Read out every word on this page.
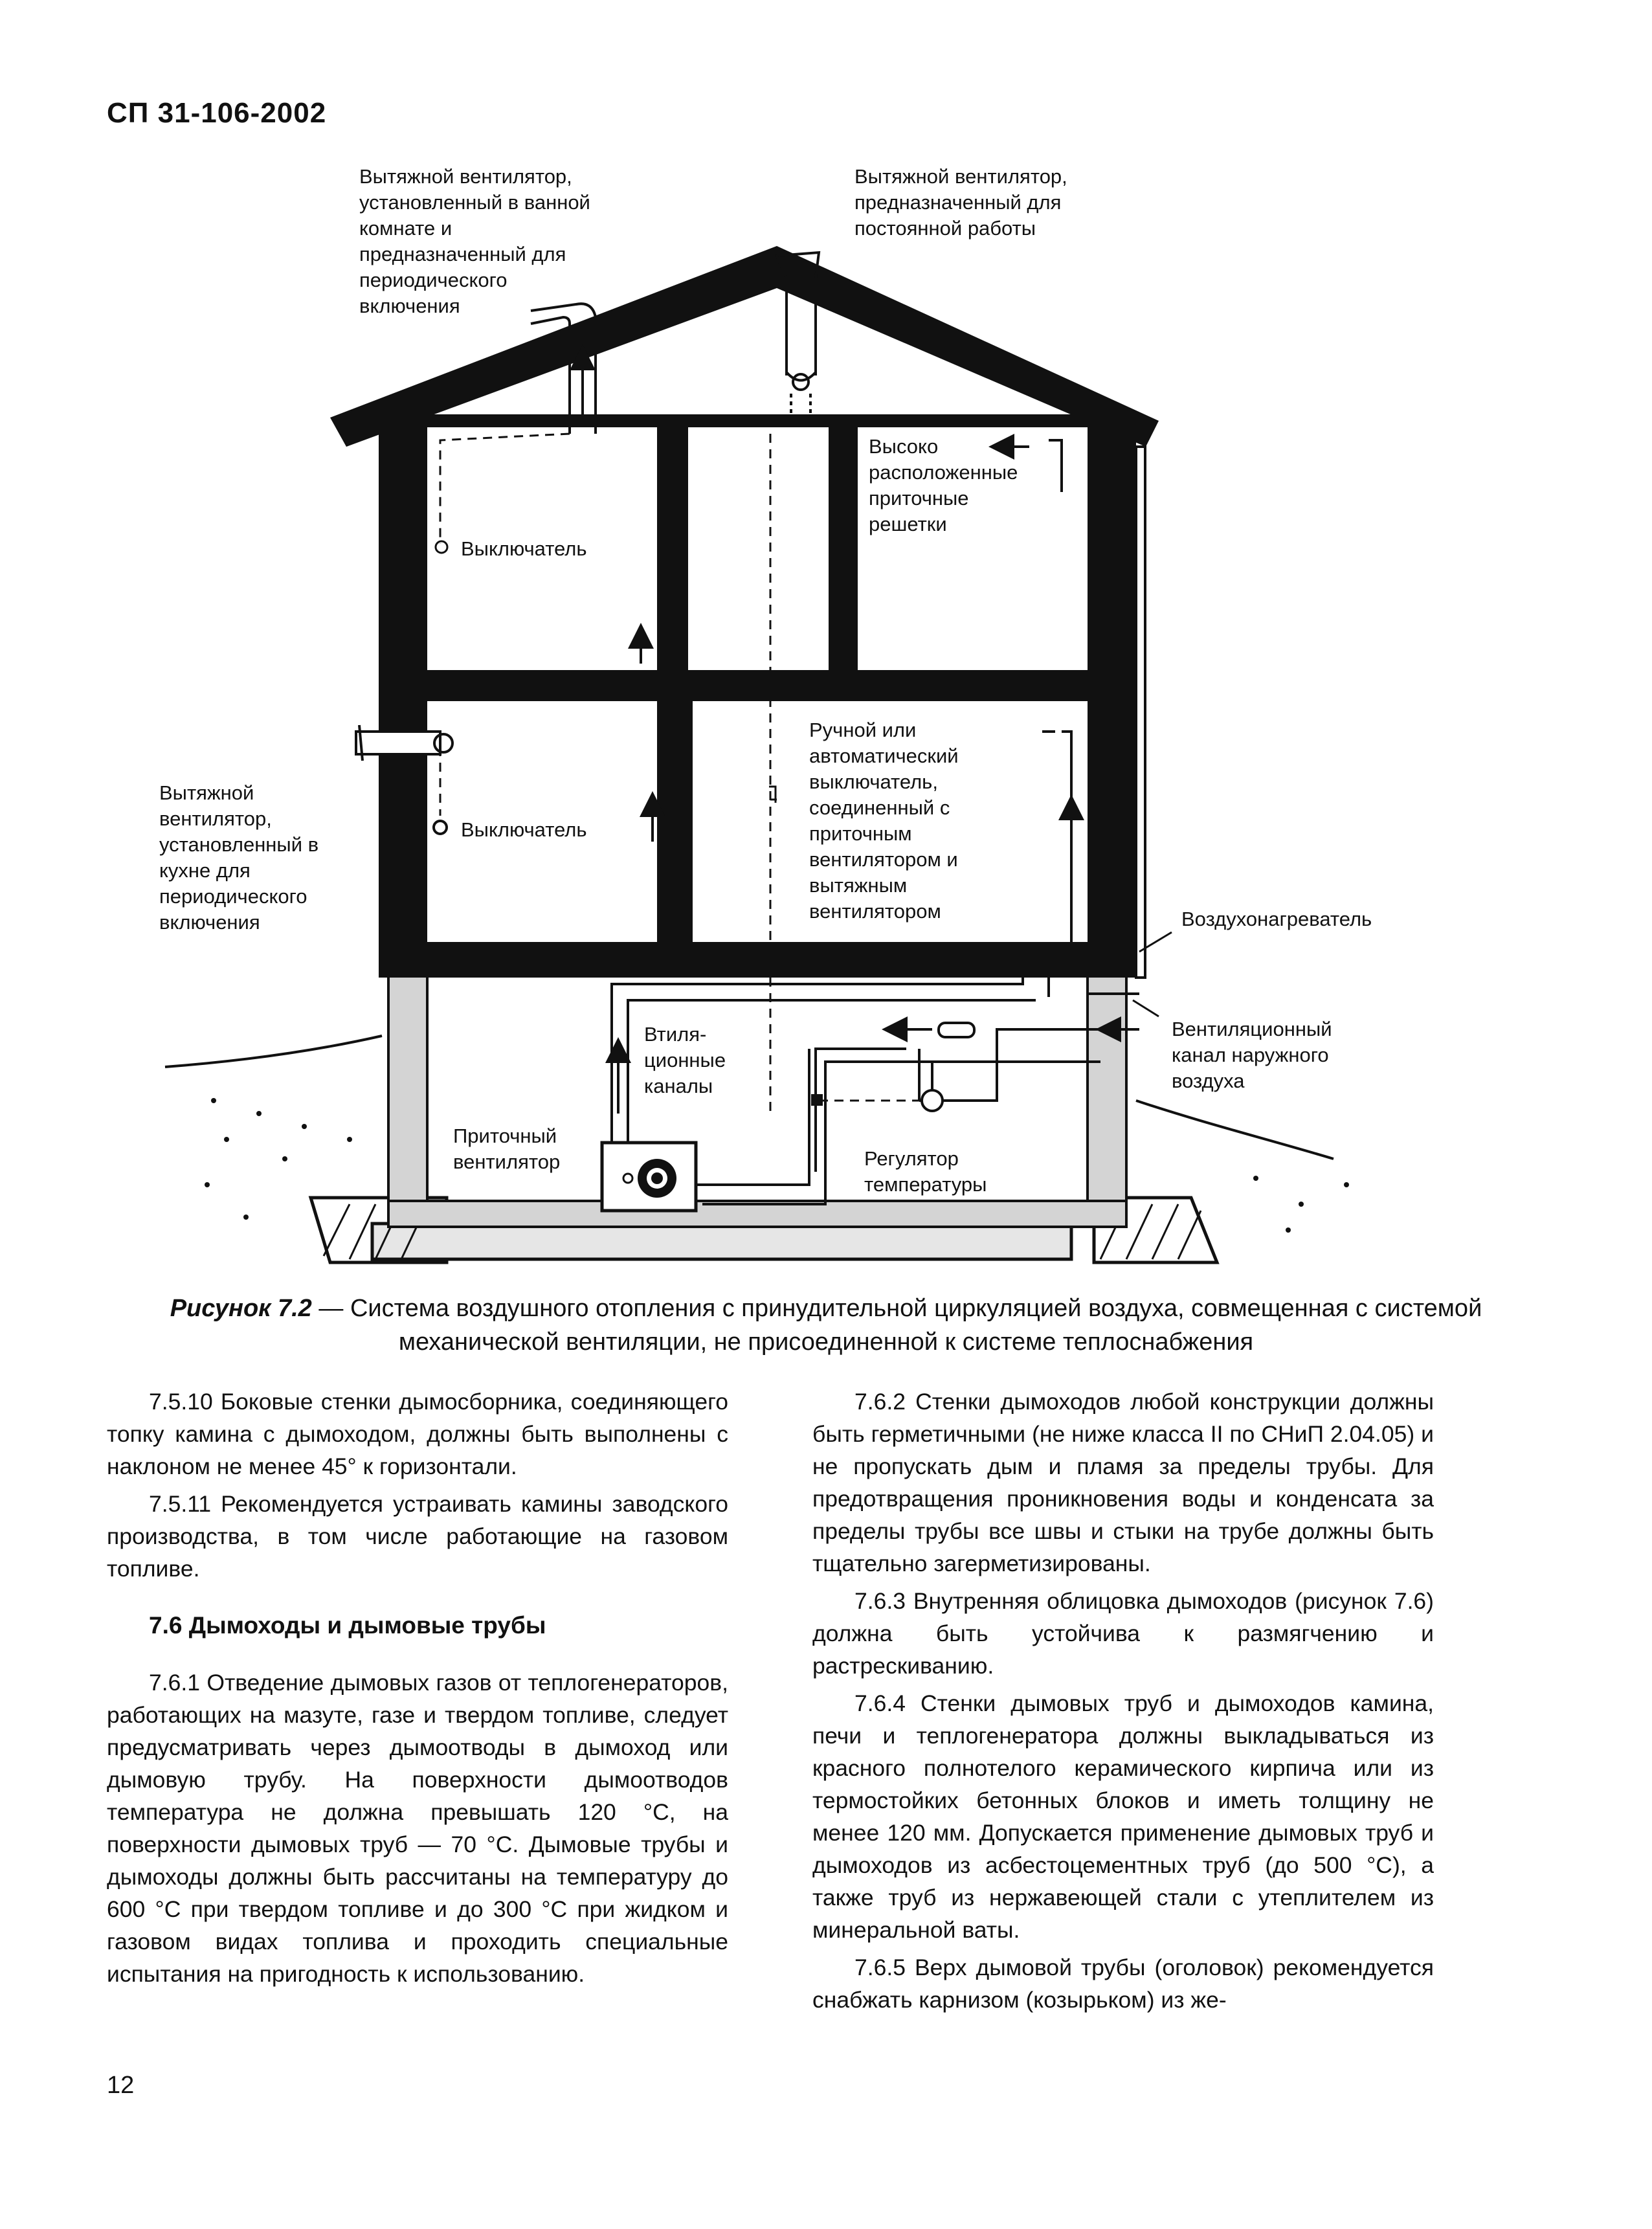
СП 31-106-2002
Вытяжной вентилятор,
установленный в ванной
комнате и
предназначенный для
периодического
включения
Вытяжной вентилятор,
предназначенный для
постоянной работы
Высоко
расположенные
приточные
решетки
Выключатель
Выключатель
Вытяжной
вентилятор,
установленный в
кухне для
периодического
включения
Ручной или
автоматический
выключатель,
соединенный с
приточным
вентилятором и
вытяжным
вентилятором	Воздухонагреватель
Вентиляционный
канал наружного
воздуха
Втиля-
ционные
каналы
Приточный
вентилятор	Регулятор
температуры
Рисунок 7.2 — Система воздушного отопления с принудительной циркуляцией воздуха, совмещенная с системой механической вентиляции, не присоединенной к системе теплоснабжения

7.5.10 Боковые стенки дымосборника, соединяющего топку камина с дымоходом, должны быть выполнены с наклоном не менее 45° к горизонтали.

7.5.11 Рекомендуется устраивать камины заводского производства, в том числе работающие на газовом топливе.

7.6 Дымоходы и дымовые трубы

7.6.1 Отведение дымовых газов от теплогенераторов, работающих на мазуте, газе и твердом топливе, следует предусматривать через дымоотводы в дымоход или дымовую трубу. На поверхности дымоотводов температура не должна превышать 120 °С, на поверхности дымовых труб — 70 °С. Дымовые трубы и дымоходы должны быть рассчитаны на температуру до 600 °С при твердом топливе и до 300 °С при жидком и газовом видах топлива и проходить специальные испытания на пригодность к использованию.

7.6.2 Стенки дымоходов любой конструкции должны быть герметичными (не ниже класса II по СНиП 2.04.05) и не пропускать дым и пламя за пределы трубы. Для предотвращения проникновения воды и конденсата за пределы трубы все швы и стыки на трубе должны быть тщательно загерметизированы.

7.6.3 Внутренняя облицовка дымоходов (рисунок 7.6) должна быть устойчива к размягчению и растрескиванию.

7.6.4 Стенки дымовых труб и дымоходов камина, печи и теплогенератора должны выкладываться из красного полнотелого керамического кирпича или из термостойких бетонных блоков и иметь толщину не менее 120 мм. Допускается применение дымовых труб и дымоходов из асбестоцементных труб (до 500 °С), а также труб из нержавеющей стали с утеплителем из минеральной ваты.

7.6.5 Верх дымовой трубы (оголовок) рекомендуется снабжать карнизом (козырьком) из же-

12
